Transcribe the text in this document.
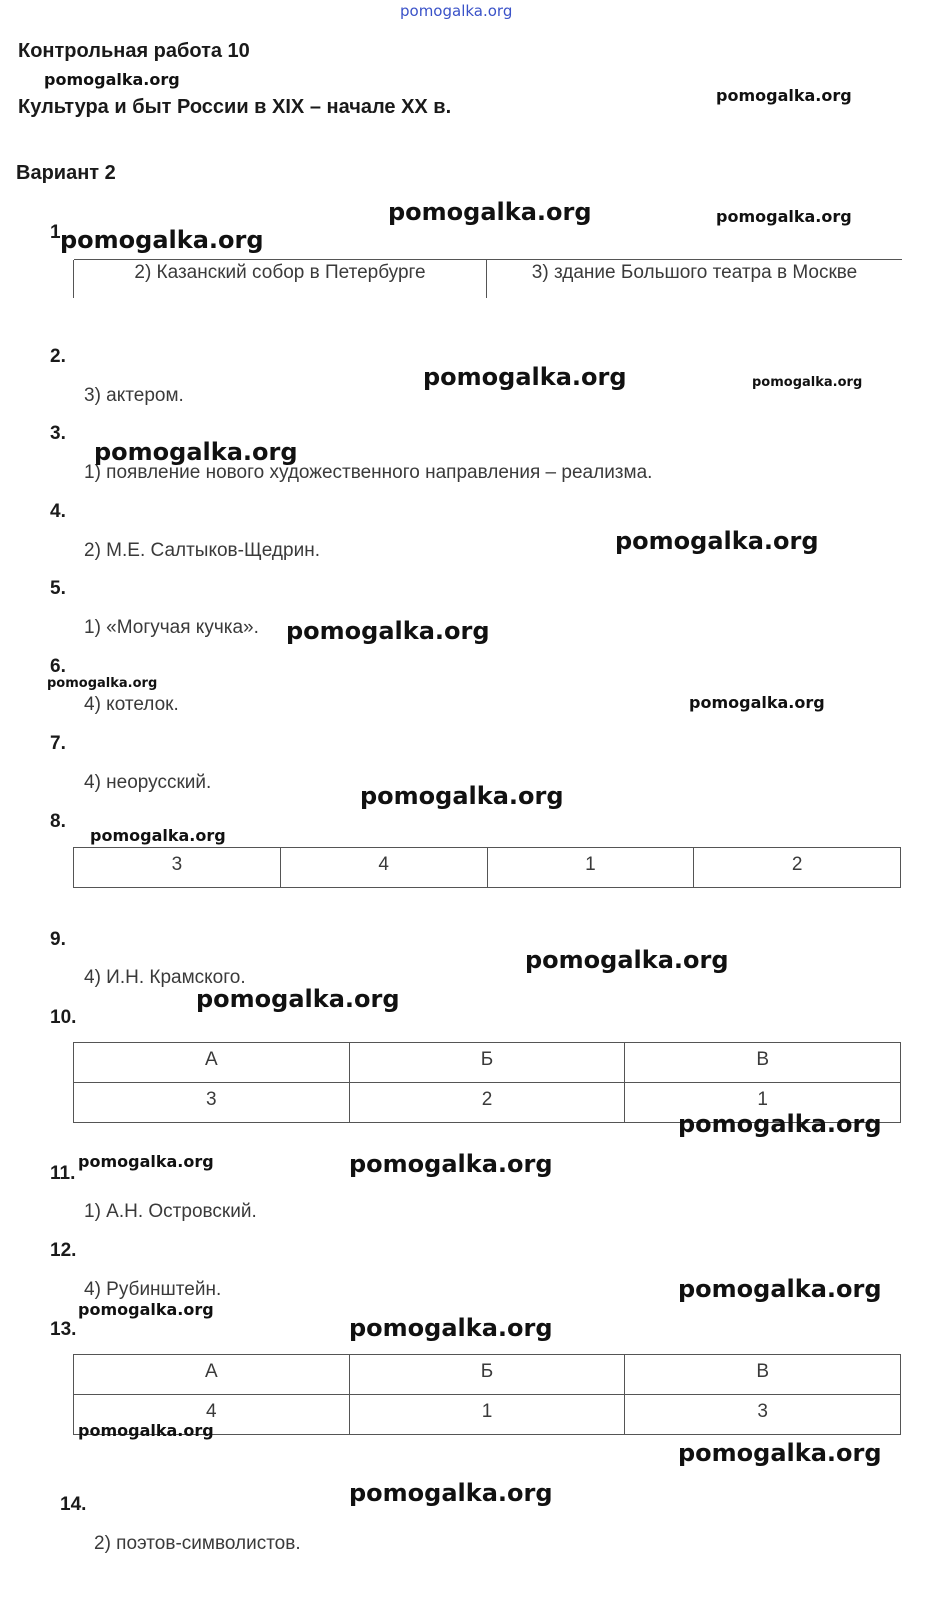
pomogalka.org
Контрольная работа 10
Культура и быт России в XIX – начале XX в.
Вариант 2
1
2) Казанский собор в Петербурге	3) здание Большого театра в Москве
2.
3) актером.
3.
1) появление нового художественного направления – реализма.
4.
2) М.Е. Салтыков-Щедрин.
5.
1) «Могучая кучка».
6.
4) котелок.
7.
4) неорусский.
8.
3	4	1	2
9.
4) И.Н. Крамского.
10.
А	Б	В
3	2	1
11.
1) А.Н. Островский.
12.
4) Рубинштейн.
13.
А	Б	В
4	1	3
14.
2) поэтов-символистов.
pomogalka.org
pomogalka.org
pomogalka.org	pomogalka.org
pomogalka.org
pomogalka.org	pomogalka.org
pomogalka.org
pomogalka.org
pomogalka.org
pomogalka.org
pomogalka.org
pomogalka.org
pomogalka.org
pomogalka.org
pomogalka.org
pomogalka.org
pomogalka.org	pomogalka.org
pomogalka.org
pomogalka.org
pomogalka.org
pomogalka.org
pomogalka.org
pomogalka.org
